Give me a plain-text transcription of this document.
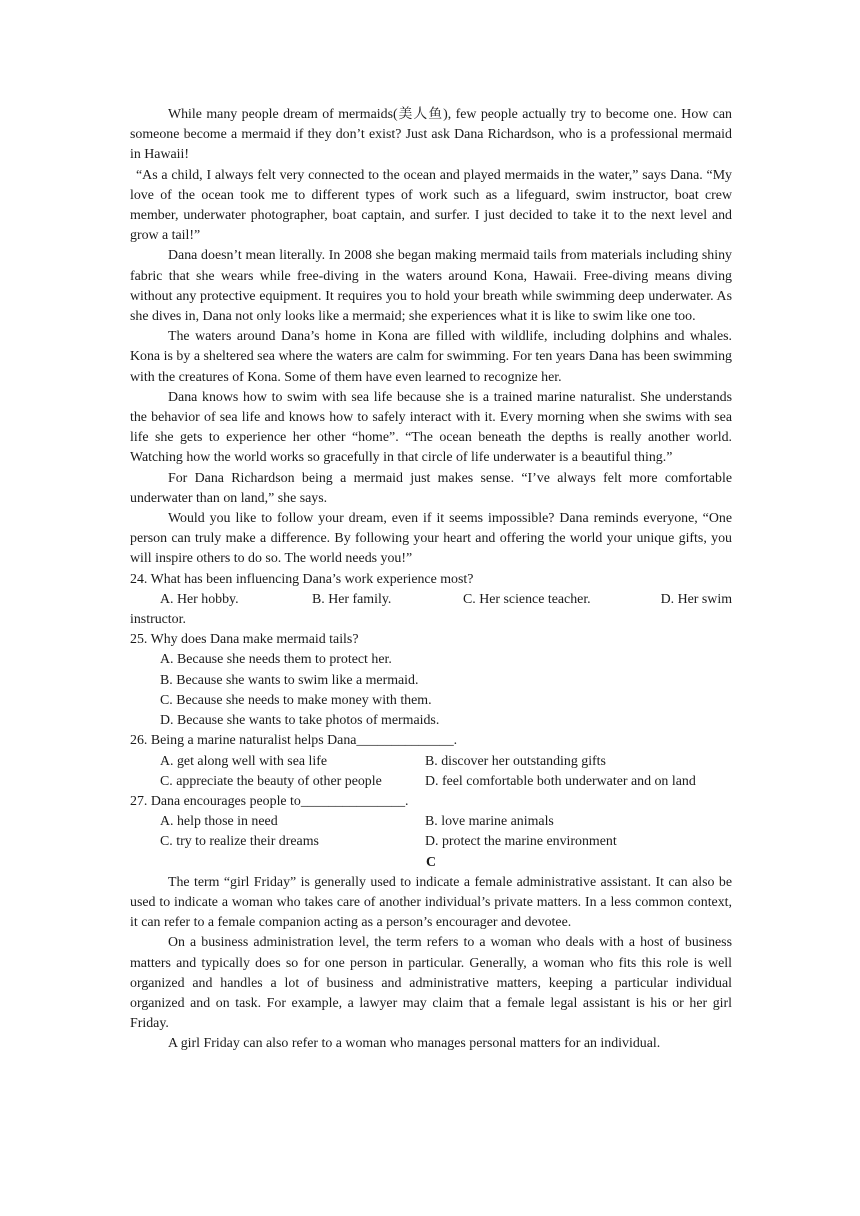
While many people dream of mermaids(美人鱼), few people actually try to become one. How can someone become a mermaid if they don’t exist? Just ask Dana Richardson, who is a professional mermaid in Hawaii!

“As a child, I always felt very connected to the ocean and played mermaids in the water,” says Dana. “My love of the ocean took me to different types of work such as a lifeguard, swim instructor, boat crew member, underwater photographer, boat captain, and surfer. I just decided to take it to the next level and grow a tail!”

Dana doesn’t mean literally. In 2008 she began making mermaid tails from materials including shiny fabric that she wears while free-diving in the waters around Kona, Hawaii. Free-diving means diving without any protective equipment. It requires you to hold your breath while swimming deep underwater. As she dives in, Dana not only looks like a mermaid; she experiences what it is like to swim like one too.

The waters around Dana’s home in Kona are filled with wildlife, including dolphins and whales. Kona is by a sheltered sea where the waters are calm for swimming. For ten years Dana has been swimming with the creatures of Kona. Some of them have even learned to recognize her.

Dana knows how to swim with sea life because she is a trained marine naturalist. She understands the behavior of sea life and knows how to safely interact with it. Every morning when she swims with sea life she gets to experience her other “home”. “The ocean beneath the depths is really another world. Watching how the world works so gracefully in that circle of life underwater is a beautiful thing.”

For Dana Richardson being a mermaid just makes sense. “I’ve always felt more comfortable underwater than on land,” she says.

Would you like to follow your dream, even if it seems impossible? Dana reminds everyone, “One person can truly make a difference. By following your heart and offering the world your unique gifts, you will inspire others to do so. The world needs you!”

24. What has been influencing Dana’s work experience most?

A. Her hobby.	B. Her family.	C. Her science teacher.	D. Her swim

instructor.

25. Why does Dana make mermaid tails?

A. Because she needs them to protect her.

B. Because she wants to swim like a mermaid.

C. Because she needs to make money with them.

D. Because she wants to take photos of mermaids.

26. Being a marine naturalist helps Dana______________.

A. get along well with sea life	B. discover her outstanding gifts
C. appreciate the beauty of other people	D. feel comfortable both underwater and on land

27. Dana encourages people to_______________.

A. help those in need	B. love marine animals
C. try to realize their dreams	D. protect the marine environment

C

The term “girl Friday” is generally used to indicate a female administrative assistant. It can also be used to indicate a woman who takes care of another individual’s private matters. In a less common context, it can refer to a female companion acting as a person’s encourager and devotee.

On a business administration level, the term refers to a woman who deals with a host of business matters and typically does so for one person in particular. Generally, a woman who fits this role is well organized and handles a lot of business and administrative matters, keeping a particular individual organized and on task. For example, a lawyer may claim that a female legal assistant is his or her girl Friday.

A girl Friday can also refer to a woman who manages personal matters for an individual.
